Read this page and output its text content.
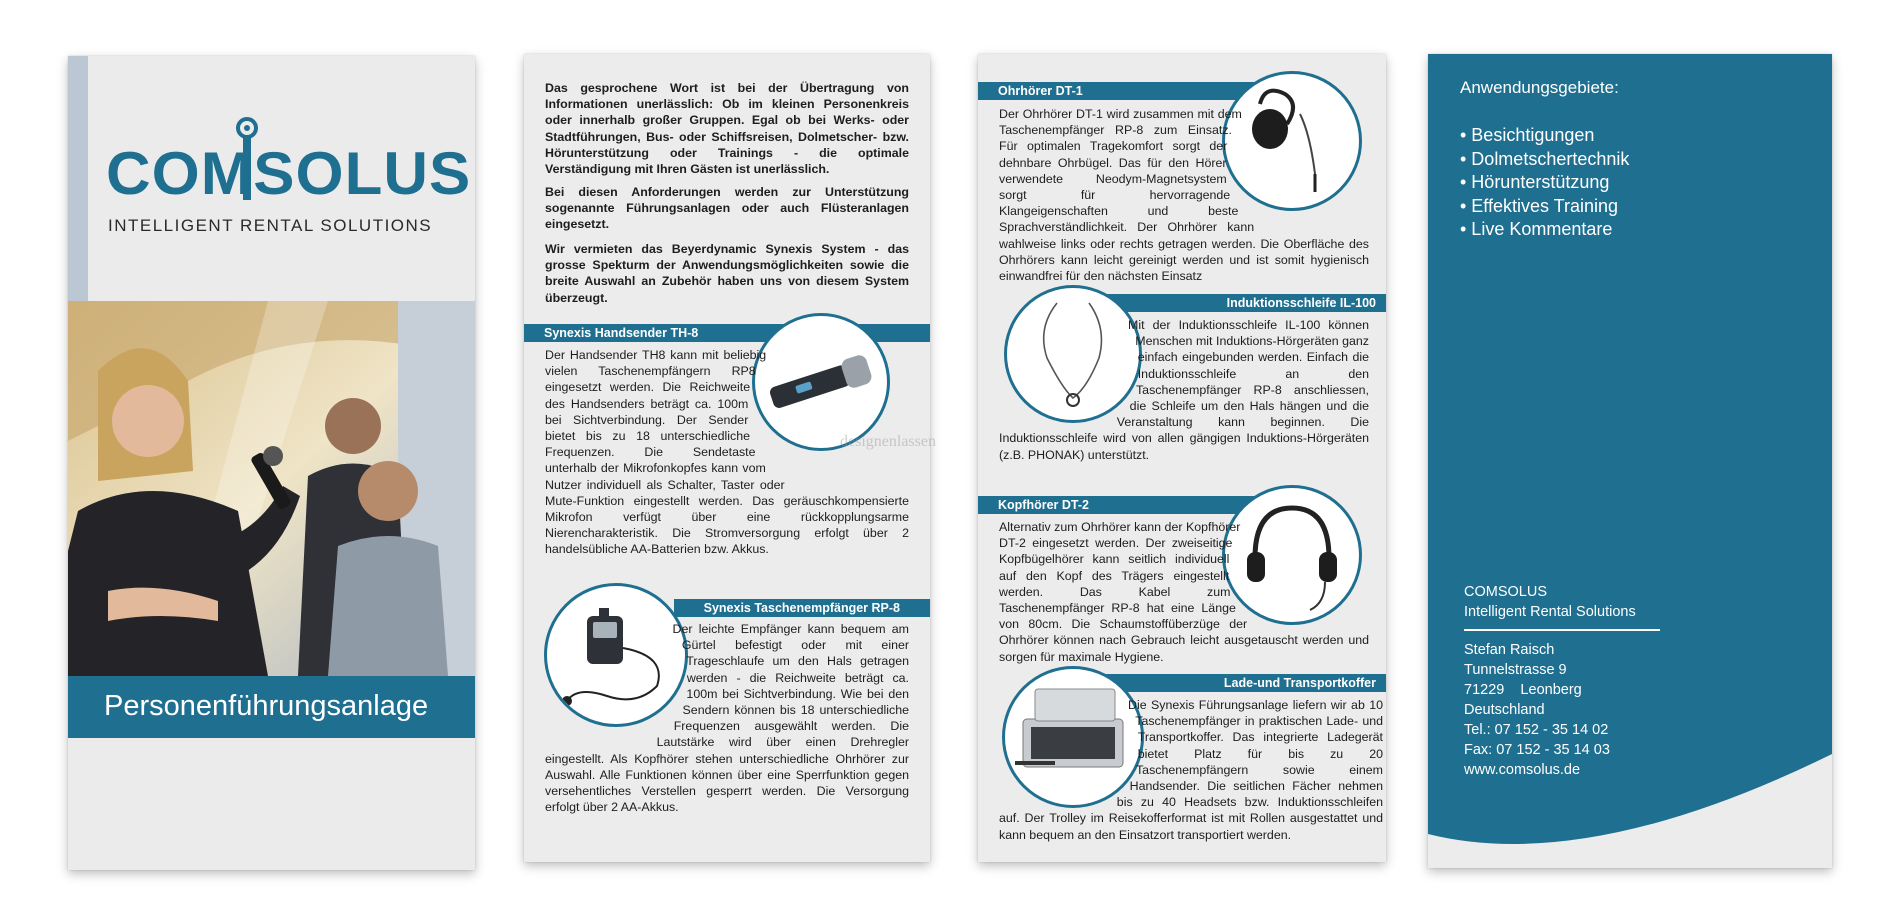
COMSOLUS
INTELLIGENT RENTAL SOLUTIONS
Personenführungsanlage
Das gesprochene Wort ist bei der Übertragung von Informationen unerlässlich: Ob im kleinen Personenkreis oder innerhalb großer Gruppen. Egal ob bei Werks- oder Stadtführungen, Bus- oder Schiffsreisen, Dolmetscher- bzw. Hörunterstützung oder Trainings - die optimale Verständigung mit Ihren Gästen ist unerlässlich.
Bei diesen Anforderungen werden zur Unterstützung sogenannte Führungsanlagen oder auch Flüsteranlagen eingesetzt.
Wir vermieten das Beyerdynamic Synexis System - das grosse Spekturm der Anwendungsmöglichkeiten sowie die breite Auswahl an Zubehör haben uns von diesem System überzeugt.
Synexis Handsender TH-8
Der Handsender TH8 kann mit beliebig vielen Taschenempfängern RP8 eingesetzt werden. Die Reichweite des Handsenders beträgt ca. 100m bei Sichtverbindung. Der Sender bietet bis zu 18 unterschiedliche Frequenzen. Die Sendetaste unterhalb der Mikrofonkopfes kann vom Nutzer individuell als Schalter, Taster oder Mute-Funktion eingestellt werden. Das geräuschkompensierte Mikrofon verfügt über eine rückkopplungsarme Nierencharakteristik. Die Stromversorgung erfolgt über 2 handelsübliche AA-Batterien bzw. Akkus.
Synexis Taschenempfänger RP-8
Der leichte Empfänger kann bequem am Gürtel befestigt oder mit einer Trageschlaufe um den Hals getragen werden - die Reichweite beträgt ca. 100m bei Sichtverbindung. Wie bei den Sendern können bis 18 unterschiedliche Frequenzen ausgewählt werden. Die Lautstärke wird über einen Drehregler eingestellt. Als Kopfhörer stehen unterschiedliche Ohrhörer zur Auswahl. Alle Funktionen können über eine Sperrfunktion gegen versehentliches Verstellen gesperrt werden. Die Versorgung erfolgt über 2 AA-Akkus.
Ohrhörer DT-1
Der Ohrhörer DT-1 wird zusammen mit dem Taschenempfänger RP-8 zum Einsatz. Für optimalen Tragekomfort sorgt der dehnbare Ohrbügel. Das für den Hörer verwendete Neodym-Magnetsystem sorgt für hervorragende Klangeigenschaften und beste Sprachverständlichkeit. Der Ohrhörer kann wahlweise links oder rechts getragen werden. Die Oberfläche des Ohrhörers kann leicht gereinigt werden und ist somit hygienisch einwandfrei für den nächsten Einsatz
Induktionsschleife IL-100
Mit der Induktionsschleife IL-100 können Menschen mit Induktions-Hörgeräten ganz einfach eingebunden werden. Einfach die Induktionsschleife an den Taschenempfänger RP-8 anschliessen, die Schleife um den Hals hängen und die Veranstaltung kann beginnen. Die Induktionsschleife wird von allen gängigen Induktions-Hörgeräten (z.B. PHONAK) unterstützt.
Kopfhörer DT-2
Alternativ zum Ohrhörer kann der Kopfhörer DT-2 eingesetzt werden. Der zweiseitige Kopfbügelhörer kann seitlich individuell auf den Kopf des Trägers eingestellt werden. Das Kabel zum Taschenempfänger RP-8 hat eine Länge von 80cm. Die Schaumstoffüberzüge der Ohrhörer können nach Gebrauch leicht ausgetauscht werden und sorgen für maximale Hygiene.
Lade-und Transportkoffer
Die Synexis Führungsanlage liefern wir ab 10 Taschenempfänger in praktischen Lade- und Transportkoffer. Das integrierte Ladegerät bietet Platz für bis zu 20 Taschenempfängern sowie einem Handsender. Die seitlichen Fächer nehmen bis zu 40 Headsets bzw. Induktionsschleifen auf. Der Trolley im Reisekofferformat ist mit Rollen ausgestattet und kann bequem an den Einsatzort transportiert werden.
Anwendungsgebiete:
• Besichtigungen
• Dolmetschertechnik
• Hörunterstützung
• Effektives Training
• Live Kommentare
COMSOLUS
Intelligent Rental Solutions
Stefan Raisch
Tunnelstrasse 9
71229    Leonberg
Deutschland
Tel.: 07 152 - 35 14 02
Fax: 07 152 - 35 14 03
www.comsolus.de
designenlassen
